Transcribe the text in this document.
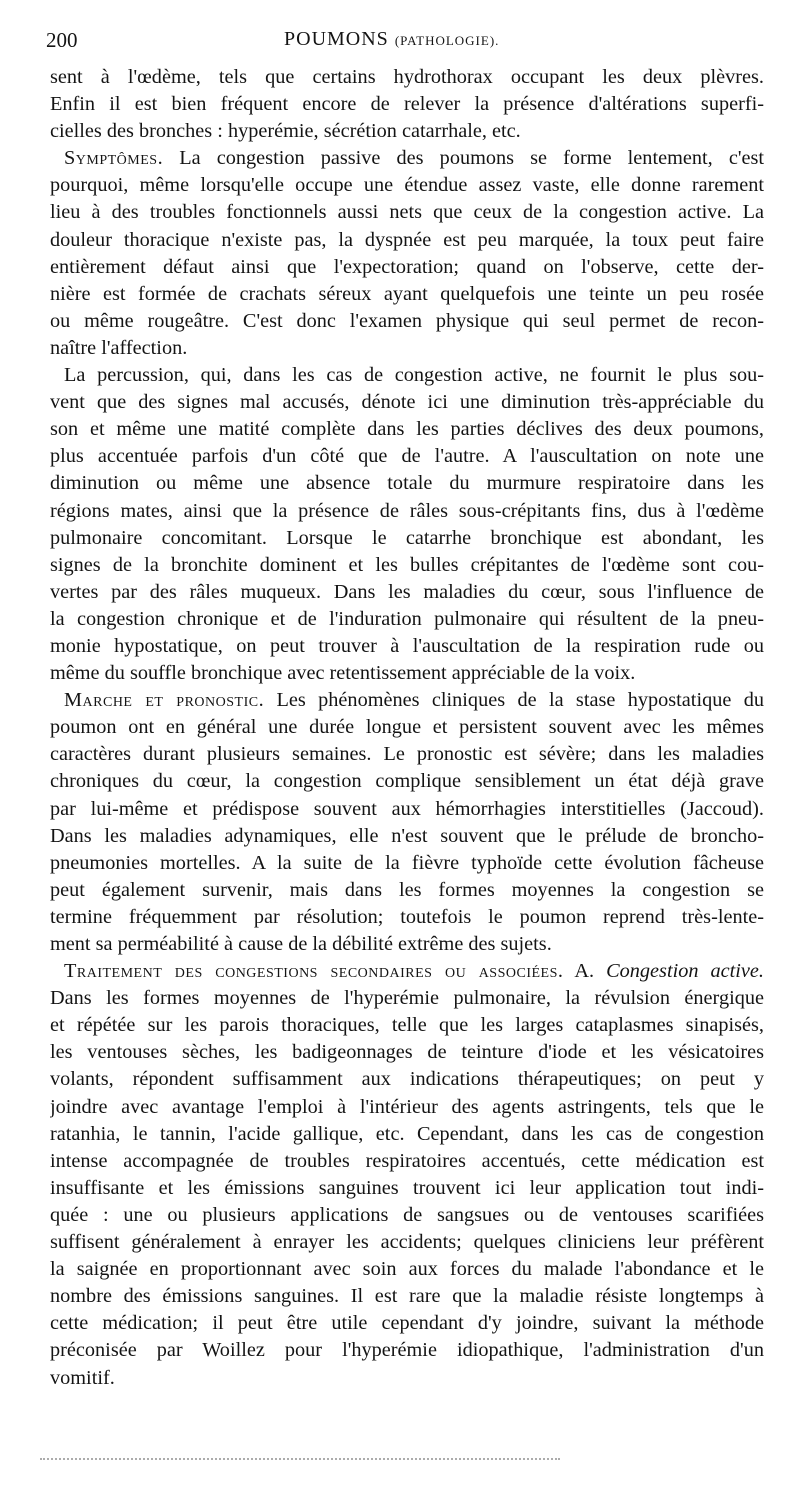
200	POUMONS (PATHOLOGIE).
sent à l'œdème, tels que certains hydrothorax occupant les deux plèvres.
Enfin il est bien fréquent encore de relever la présence d'altérations superfi-
cielles des bronches : hyperémie, sécrétion catarrhale, etc.
Symptômes. La congestion passive des poumons se forme lentement, c'est
pourquoi, même lorsqu'elle occupe une étendue assez vaste, elle donne rarement
lieu à des troubles fonctionnels aussi nets que ceux de la congestion active. La
douleur thoracique n'existe pas, la dyspnée est peu marquée, la toux peut faire
entièrement défaut ainsi que l'expectoration; quand on l'observe, cette der-
nière est formée de crachats séreux ayant quelquefois une teinte un peu rosée
ou même rougeâtre. C'est donc l'examen physique qui seul permet de recon-
naître l'affection.
La percussion, qui, dans les cas de congestion active, ne fournit le plus sou-
vent que des signes mal accusés, dénote ici une diminution très-appréciable du
son et même une matité complète dans les parties déclives des deux poumons,
plus accentuée parfois d'un côté que de l'autre. A l'auscultation on note une
diminution ou même une absence totale du murmure respiratoire dans les
régions mates, ainsi que la présence de râles sous-crépitants fins, dus à l'œdème
pulmonaire concomitant. Lorsque le catarrhe bronchique est abondant, les
signes de la bronchite dominent et les bulles crépitantes de l'œdème sont cou-
vertes par des râles muqueux. Dans les maladies du cœur, sous l'influence de
la congestion chronique et de l'induration pulmonaire qui résultent de la pneu-
monie hypostatique, on peut trouver à l'auscultation de la respiration rude ou
même du souffle bronchique avec retentissement appréciable de la voix.
Marche et pronostic. Les phénomènes cliniques de la stase hypostatique du
poumon ont en général une durée longue et persistent souvent avec les mêmes
caractères durant plusieurs semaines. Le pronostic est sévère; dans les maladies
chroniques du cœur, la congestion complique sensiblement un état déjà grave
par lui-même et prédispose souvent aux hémorrhagies interstitielles (Jaccoud).
Dans les maladies adynamiques, elle n'est souvent que le prélude de broncho-
pneumonies mortelles. A la suite de la fièvre typhoïde cette évolution fâcheuse
peut également survenir, mais dans les formes moyennes la congestion se
termine fréquemment par résolution; toutefois le poumon reprend très-lente-
ment sa perméabilité à cause de la débilité extrême des sujets.
Traitement des congestions secondaires ou associées. A. Congestion active.
Dans les formes moyennes de l'hyperémie pulmonaire, la révulsion énergique
et répétée sur les parois thoraciques, telle que les larges cataplasmes sinapisés,
les ventouses sèches, les badigeonnages de teinture d'iode et les vésicatoires
volants, répondent suffisamment aux indications thérapeutiques; on peut y
joindre avec avantage l'emploi à l'intérieur des agents astringents, tels que le
ratanhia, le tannin, l'acide gallique, etc. Cependant, dans les cas de congestion
intense accompagnée de troubles respiratoires accentués, cette médication est
insuffisante et les émissions sanguines trouvent ici leur application tout indi-
quée : une ou plusieurs applications de sangsues ou de ventouses scarifiées
suffisent généralement à enrayer les accidents; quelques cliniciens leur préfèrent
la saignée en proportionnant avec soin aux forces du malade l'abondance et le
nombre des émissions sanguines. Il est rare que la maladie résiste longtemps à
cette médication; il peut être utile cependant d'y joindre, suivant la méthode
préconisée par Woillez pour l'hyperémie idiopathique, l'administration d'un
vomitif.
